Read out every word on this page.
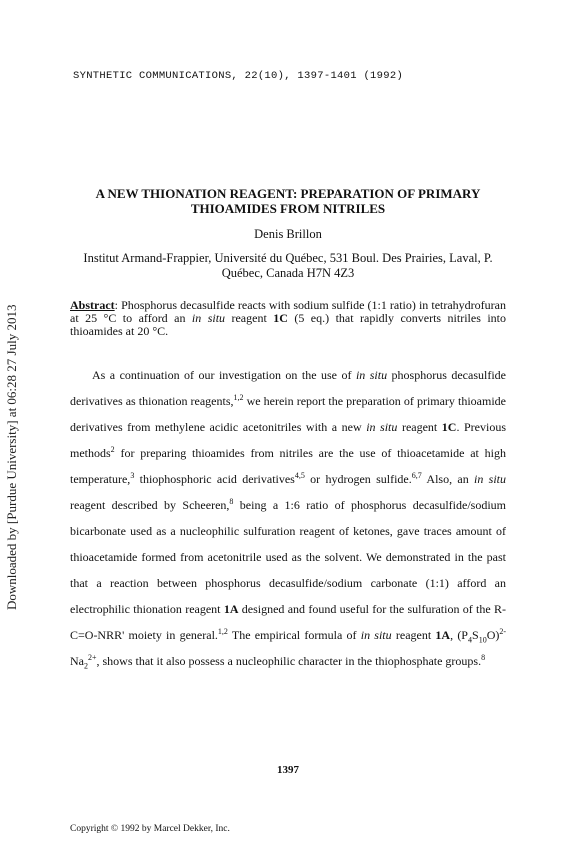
Downloaded by [Purdue University] at 06:28 27 July 2013
SYNTHETIC COMMUNICATIONS, 22(10), 1397-1401 (1992)
A NEW THIONATION REAGENT: PREPARATION OF PRIMARY
THIOAMIDES FROM NITRILES
Denis Brillon
Institut Armand-Frappier, Université du Québec, 531 Boul. Des Prairies, Laval, P.
Québec, Canada H7N 4Z3
Abstract: Phosphorus decasulfide reacts with sodium sulfide (1:1 ratio) in tetrahydrofuran at 25 °C to afford an in situ reagent 1C (5 eq.) that rapidly converts nitriles into thioamides at 20 °C.

As a continuation of our investigation on the use of in situ phosphorus decasulfide derivatives as thionation reagents,$^{1,2}$ we herein report the preparation of primary thioamide derivatives from methylene acidic acetonitriles with a new in situ reagent 1C. Previous methods$^2$ for preparing thioamides from nitriles are the use of thioacetamide at high temperature,$^3$ thiophosphoric acid derivatives$^{4,5}$ or hydrogen sulfide.$^{6,7}$ Also, an in situ reagent described by Scheeren,$^8$ being a 1:6 ratio of phosphorus decasulfide/sodium bicarbonate used as a nucleophilic sulfuration reagent of ketones, gave traces amount of thioacetamide formed from acetonitrile used as the solvent. We demonstrated in the past that a reaction between phosphorus decasulfide/sodium carbonate (1:1) afford an electrophilic thionation reagent 1A designed and found useful for the sulfuration of the R-C=O-NRR' moiety in general.$^{1,2}$ The empirical formula of in situ reagent 1A, $(P_4S_{10}O)^{2-}Na_2^{2+}$, shows that it also possess a nucleophilic character in the thiophosphate groups.$^8$

1397
Copyright © 1992 by Marcel Dekker, Inc.
